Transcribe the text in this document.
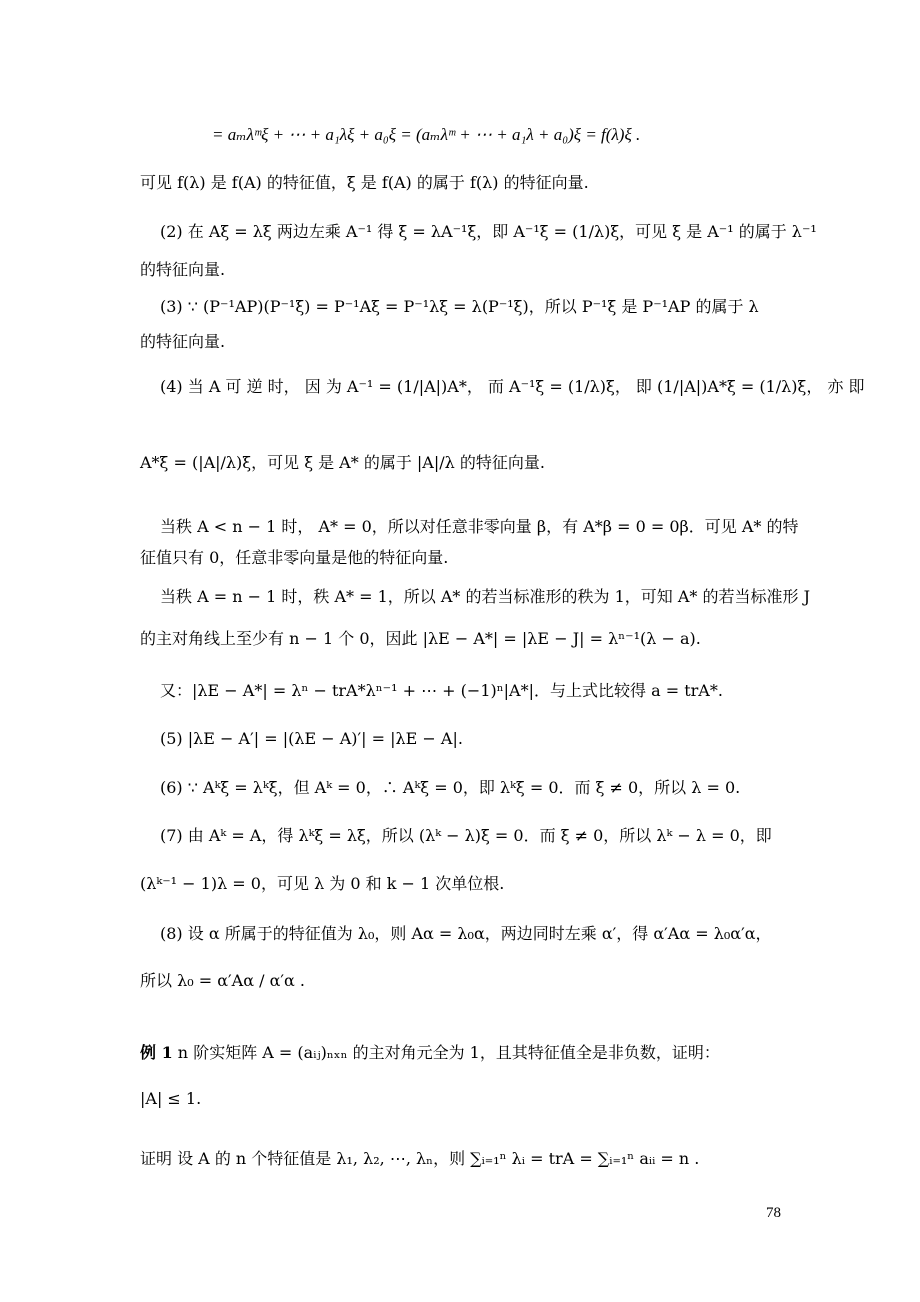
= aₘλᵐξ + ⋯ + a₁λξ + a₀ξ = (aₘλᵐ + ⋯ + a₁λ + a₀)ξ = f(λ)ξ .
可见 f(λ) 是 f(A) 的特征值，ξ 是 f(A) 的属于 f(λ) 的特征向量.
(2) 在 Aξ = λξ 两边左乘 A⁻¹ 得 ξ = λA⁻¹ξ，即 A⁻¹ξ = (1/λ)ξ，可见 ξ 是 A⁻¹ 的属于 λ⁻¹
的特征向量.
(3) ∵ (P⁻¹AP)(P⁻¹ξ) = P⁻¹Aξ = P⁻¹λξ = λ(P⁻¹ξ)，所以 P⁻¹ξ 是 P⁻¹AP 的属于 λ
的特征向量.
(4) 当 A 可 逆 时， 因 为 A⁻¹ = (1/|A|)A*， 而 A⁻¹ξ = (1/λ)ξ， 即 (1/|A|)A*ξ = (1/λ)ξ， 亦 即
A*ξ = (|A|/λ)ξ，可见 ξ 是 A* 的属于 |A|/λ 的特征向量.
当秩 A < n − 1 时， A* = 0，所以对任意非零向量 β，有 A*β = 0 = 0β．可见 A* 的特
征值只有 0，任意非零向量是他的特征向量.
当秩 A = n − 1 时，秩 A* = 1，所以 A* 的若当标准形的秩为 1，可知 A* 的若当标准形 J
的主对角线上至少有 n − 1 个 0，因此 |λE − A*| = |λE − J| = λⁿ⁻¹(λ − a).
又：|λE − A*| = λⁿ − trA*λⁿ⁻¹ + ⋯ + (−1)ⁿ|A*|．与上式比较得 a = trA*.
(5) |λE − A′| = |(λE − A)′| = |λE − A|.
(6) ∵ Aᵏξ = λᵏξ，但 Aᵏ = 0，∴ Aᵏξ = 0，即 λᵏξ = 0．而 ξ ≠ 0，所以 λ = 0.
(7) 由 Aᵏ = A，得 λᵏξ = λξ，所以 (λᵏ − λ)ξ = 0．而 ξ ≠ 0，所以 λᵏ − λ = 0，即
(λᵏ⁻¹ − 1)λ = 0，可见 λ 为 0 和 k − 1 次单位根.
(8) 设 α 所属于的特征值为 λ₀，则 Aα = λ₀α，两边同时左乘 α′，得 α′Aα = λ₀α′α，
所以 λ₀ = α′Aα / α′α .
例 1 n 阶实矩阵 A = (aᵢⱼ)ₙₓₙ 的主对角元全为 1，且其特征值全是非负数，证明：
|A| ≤ 1.
证明 设 A 的 n 个特征值是 λ₁, λ₂, ⋯, λₙ，则 ∑ᵢ₌₁ⁿ λᵢ = trA = ∑ᵢ₌₁ⁿ aᵢᵢ = n .
78
